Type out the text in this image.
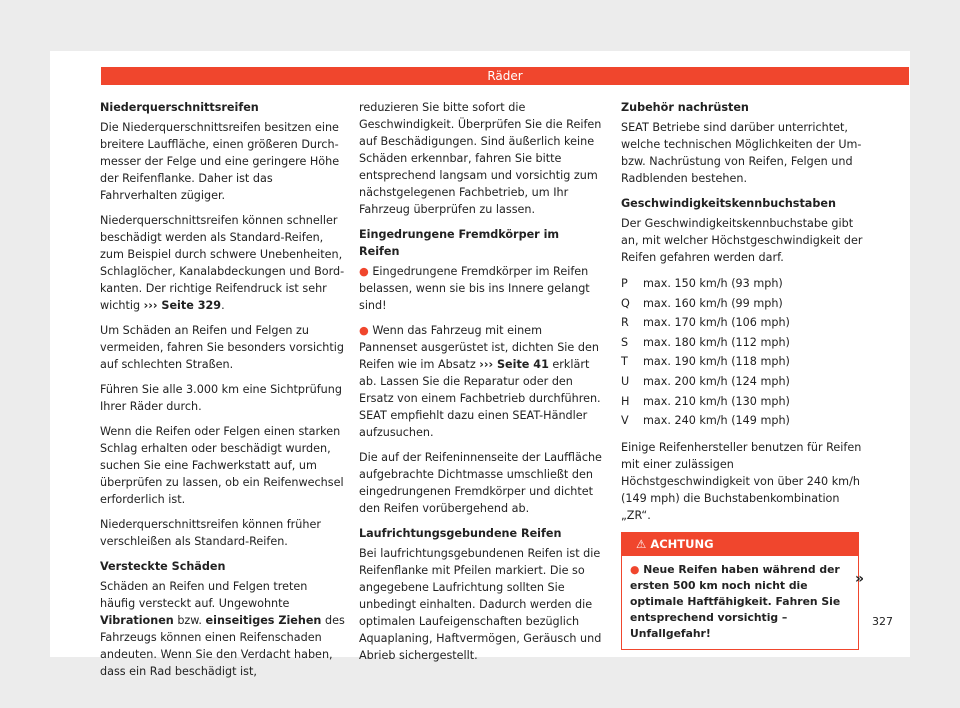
Räder
Niederquerschnittsreifen

Die Niederquerschnittsreifen besitzen eine breitere Lauffläche, einen größeren Durchmesser der Felge und eine geringere Höhe der Reifenflanke. Daher ist das Fahrverhalten zügiger.

Niederquerschnittsreifen können schneller beschädigt werden als Standard-Reifen, zum Beispiel durch schwere Unebenheiten, Schlaglöcher, Kanalabdeckungen und Bordkanten. Der richtige Reifendruck ist sehr wichtig ››› Seite 329.

Um Schäden an Reifen und Felgen zu vermeiden, fahren Sie besonders vorsichtig auf schlechten Straßen.

Führen Sie alle 3.000 km eine Sichtprüfung Ihrer Räder durch.

Wenn die Reifen oder Felgen einen starken Schlag erhalten oder beschädigt wurden, suchen Sie eine Fachwerkstatt auf, um überprüfen zu lassen, ob ein Reifenwechsel erforderlich ist.

Niederquerschnittsreifen können früher verschleißen als Standard-Reifen.

Versteckte Schäden

Schäden an Reifen und Felgen treten häufig versteckt auf. Ungewohnte Vibrationen bzw. einseitiges Ziehen des Fahrzeugs können einen Reifenschaden andeuten. Wenn Sie den Verdacht haben, dass ein Rad beschädigt ist,

reduzieren Sie bitte sofort die Geschwindigkeit. Überprüfen Sie die Reifen auf Beschädigungen. Sind äußerlich keine Schäden erkennbar, fahren Sie bitte entsprechend langsam und vorsichtig zum nächstgelegenen Fachbetrieb, um Ihr Fahrzeug überprüfen zu lassen.

Eingedrungene Fremdkörper im Reifen

● Eingedrungene Fremdkörper im Reifen belassen, wenn sie bis ins Innere gelangt sind!

● Wenn das Fahrzeug mit einem Pannenset ausgerüstet ist, dichten Sie den Reifen wie im Absatz ››› Seite 41 erklärt ab. Lassen Sie die Reparatur oder den Ersatz von einem Fachbetrieb durchführen. SEAT empfiehlt dazu einen SEAT-Händler aufzusuchen.

Die auf der Reifeninnenseite der Lauffläche aufgebrachte Dichtmasse umschließt den eingedrungenen Fremdkörper und dichtet den Reifen vorübergehend ab.

Laufrichtungsgebundene Reifen

Bei laufrichtungsgebundenen Reifen ist die Reifenflanke mit Pfeilen markiert. Die so angegebene Laufrichtung sollten Sie unbedingt einhalten. Dadurch werden die optimalen Laufeigenschaften bezüglich Aquaplaning, Haftvermögen, Geräusch und Abrieb sichergestellt.

Zubehör nachrüsten

SEAT Betriebe sind darüber unterrichtet, welche technischen Möglichkeiten der Um- bzw. Nachrüstung von Reifen, Felgen und Radblenden bestehen.

Geschwindigkeitskennbuchstaben

Der Geschwindigkeitskennbuchstabe gibt an, mit welcher Höchstgeschwindigkeit der Reifen gefahren werden darf.

P	max. 150 km/h (93 mph)
Q	max. 160 km/h (99 mph)
R	max. 170 km/h (106 mph)
S	max. 180 km/h (112 mph)
T	max. 190 km/h (118 mph)
U	max. 200 km/h (124 mph)
H	max. 210 km/h (130 mph)
V	max. 240 km/h (149 mph)

Einige Reifenhersteller benutzen für Reifen mit einer zulässigen Höchstgeschwindigkeit von über 240 km/h (149 mph) die Buchstabenkombination „ZR“.

⚠ ACHTUNG
● Neue Reifen haben während der ersten 500 km noch nicht die optimale Haftfähigkeit. Fahren Sie entsprechend vorsichtig – Unfallgefahr!
»
327
